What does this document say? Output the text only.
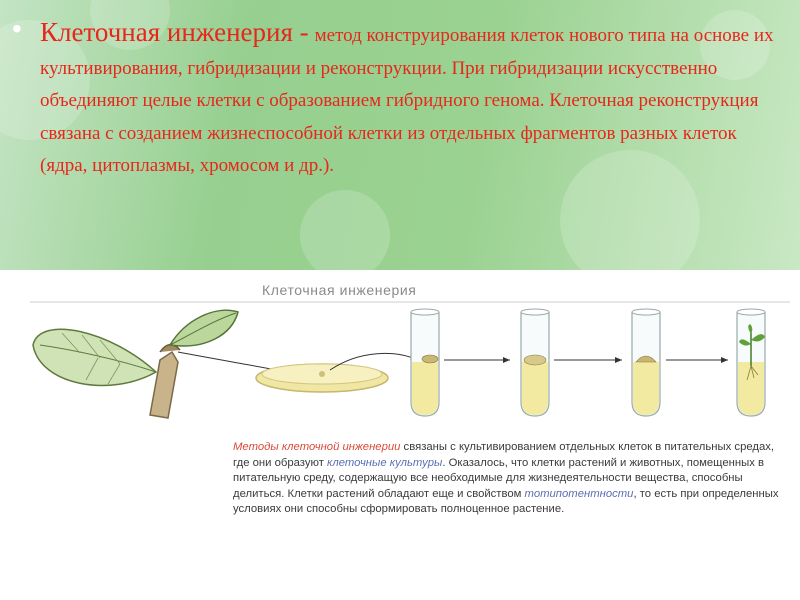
• Клеточная инженерия - метод конструирования клеток нового типа на основе их культивирования, гибридизации и реконструкции. При гибридизации искусственно объединяют целые клетки с образованием гибридного генома. Клеточная реконструкция связана с созданием жизнеспособной клетки из отдельных фрагментов разных клеток (ядра, цитоплазмы, хромосом и др.).
Клеточная инженерия
Методы клеточной инженерии связаны с культивированием отдельных клеток в питательных средах, где они образуют клеточные культуры. Оказалось, что клетки растений и животных, помещенных в питательную среду, содержащую все необходимые для жизнедеятельности вещества, способны делиться. Клетки растений обладают еще и свойством тотипотентности, то есть при определенных условиях они способны сформировать полноценное растение.
